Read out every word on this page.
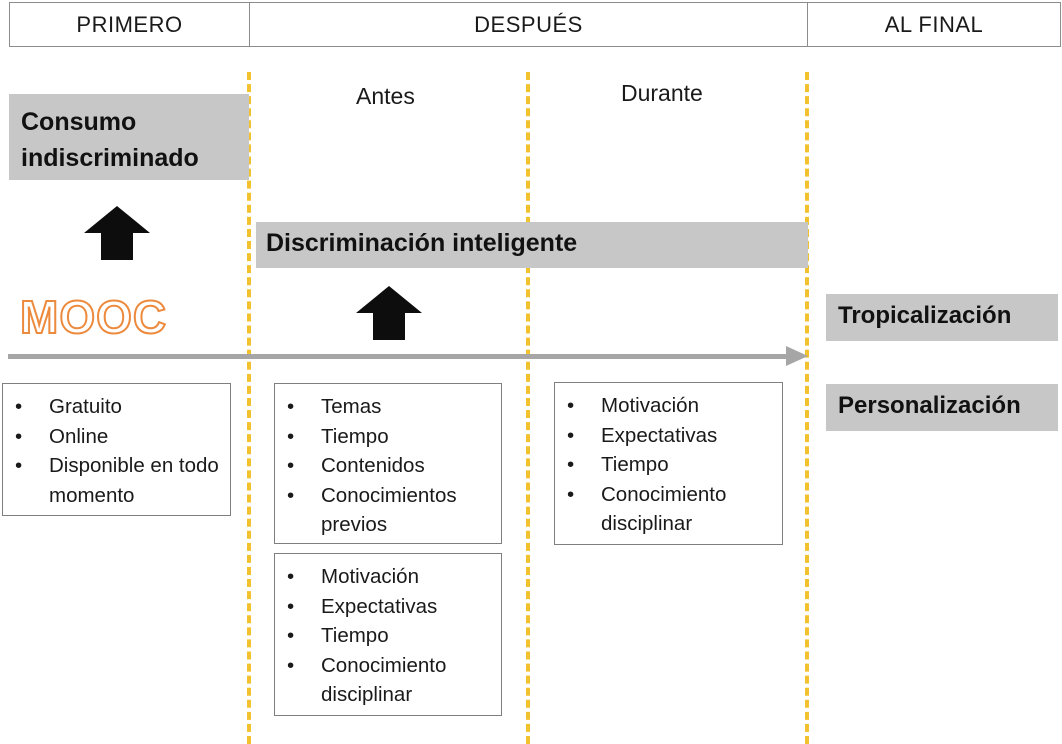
PRIMERO	DESPUÉS	AL FINAL
Antes	Durante
Consumo indiscriminado
Discriminación inteligente
Tropicalización
Personalización
MOOC
• Gratuito
• Online
• Disponible en todo momento
• Temas
• Tiempo
• Contenidos
• Conocimientos previos
• Motivación
• Expectativas
• Tiempo
• Conocimiento disciplinar
• Motivación
• Expectativas
• Tiempo
• Conocimiento disciplinar
